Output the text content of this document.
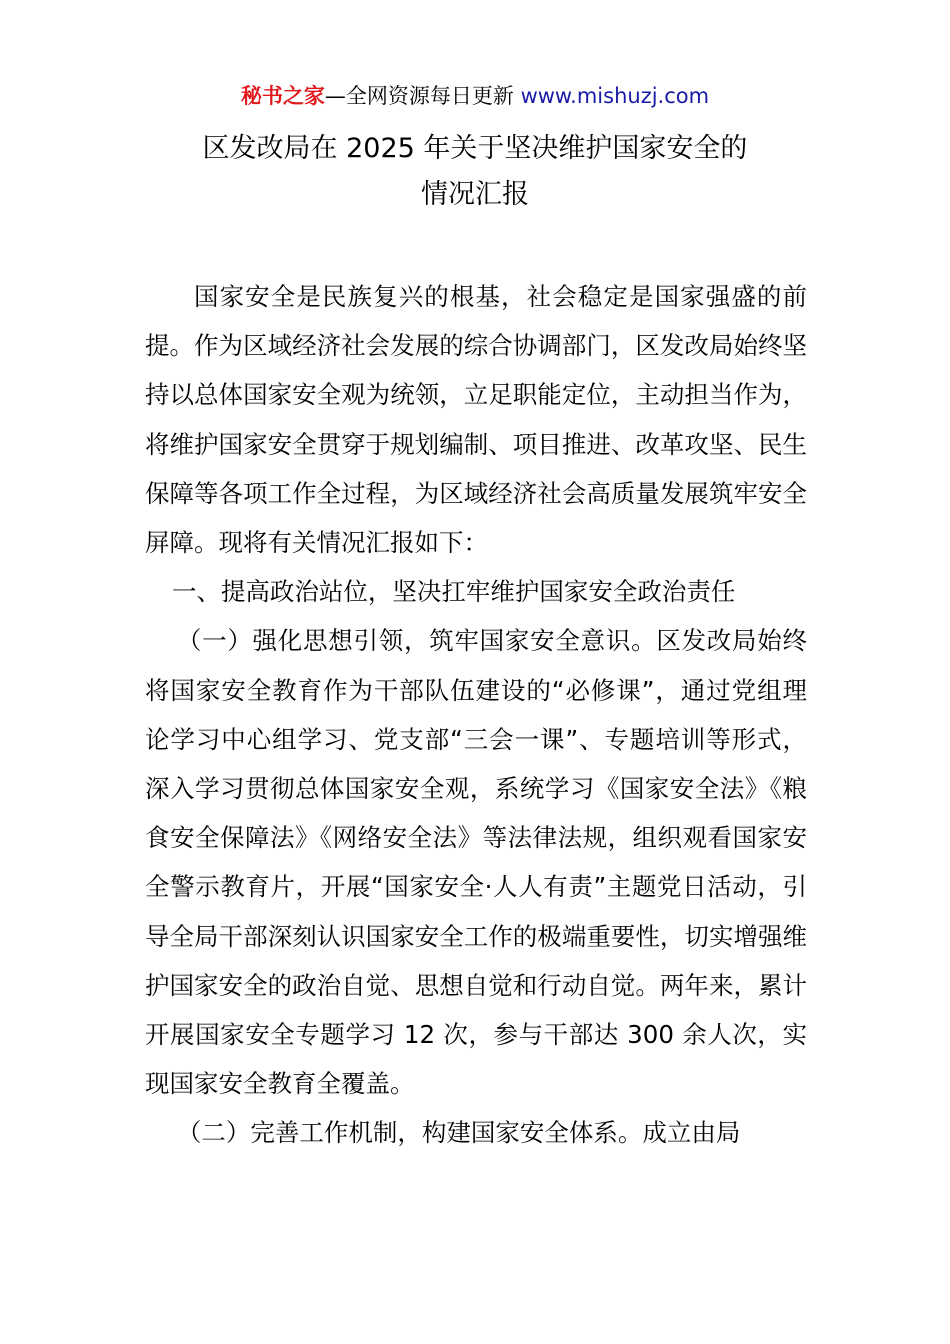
秘书之家—全网资源每日更新 www.mishuzj.com
区发改局在 2025 年关于坚决维护国家安全的
情况汇报

国家安全是民族复兴的根基，社会稳定是国家强盛的前提。作为区域经济社会发展的综合协调部门，区发改局始终坚持以总体国家安全观为统领，立足职能定位，主动担当作为，将维护国家安全贯穿于规划编制、项目推进、改革攻坚、民生保障等各项工作全过程，为区域经济社会高质量发展筑牢安全屏障。现将有关情况汇报如下：

一、提高政治站位，坚决扛牢维护国家安全政治责任

（一）强化思想引领，筑牢国家安全意识。区发改局始终将国家安全教育作为干部队伍建设的“必修课”，通过党组理论学习中心组学习、党支部“三会一课”、专题培训等形式，深入学习贯彻总体国家安全观，系统学习《国家安全法》《粮食安全保障法》《网络安全法》等法律法规，组织观看国家安全警示教育片，开展“国家安全·人人有责”主题党日活动，引导全局干部深刻认识国家安全工作的极端重要性，切实增强维护国家安全的政治自觉、思想自觉和行动自觉。两年来，累计开展国家安全专题学习 12 次，参与干部达 300 余人次，实现国家安全教育全覆盖。

（二）完善工作机制，构建国家安全体系。成立由局
